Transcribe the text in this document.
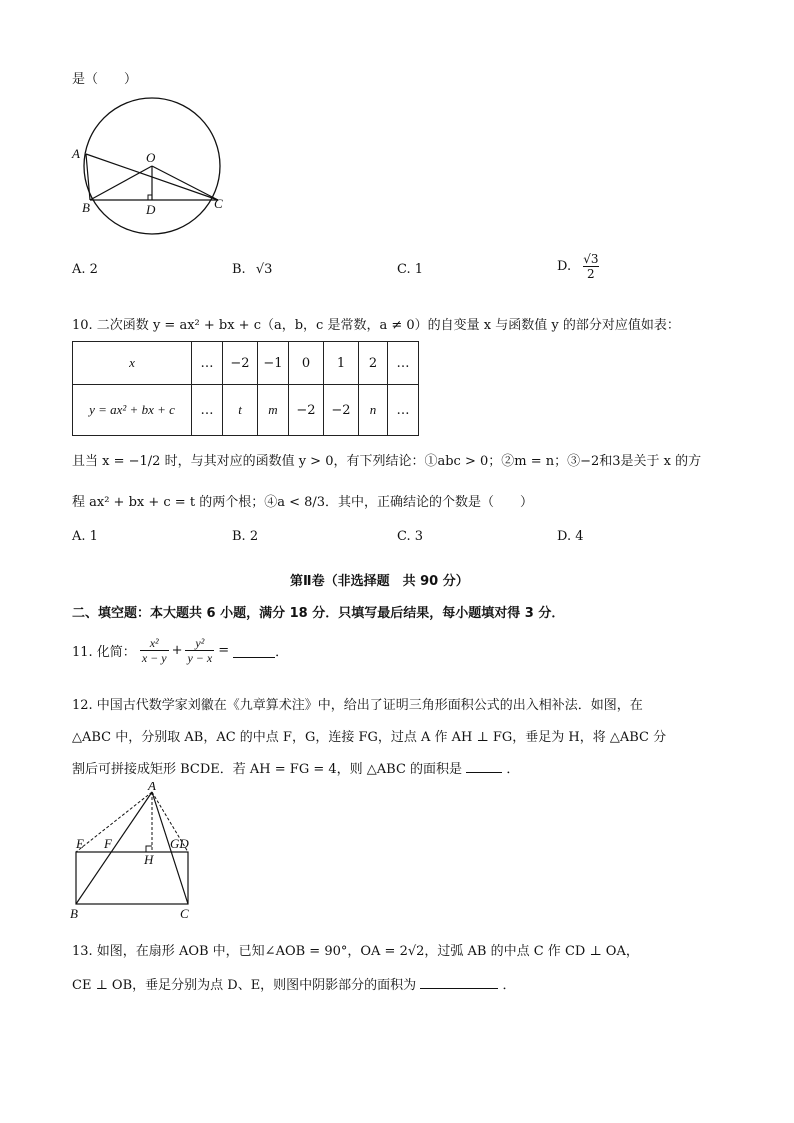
是（　　）
A	O
B	D	C
A. 2	B. √3	C. 1	D. $\frac{√3}{2}$
10. 二次函数 y = ax² + bx + c（a，b，c 是常数，a ≠ 0）的自变量 x 与函数值 y 的部分对应值如表：
x	…	−2	−1	0	1	2	…
y = ax² + bx + c	…	t	m	−2	−2	n	…
且当 x = −1/2 时，与其对应的函数值 y > 0，有下列结论：①abc > 0；②m = n；③−2和3是关于 x 的方
程 ax² + bx + c = t 的两个根；④a < 8/3．其中，正确结论的个数是（　　）
A. 1	B. 2	C. 3	D. 4
第Ⅱ卷（非选择题　共 90 分）
二、填空题：本大题共 6 小题，满分 18 分．只填写最后结果，每小题填对得 3 分．
11. 化简： $\frac{\text{x²}}{x - y} + \frac{\text{y²}}{y - x}$ =	．
12. 中国古代数学家刘徽在《九章算术注》中，给出了证明三角形面积公式的出入相补法．如图，在
△ABC 中，分别取 AB，AC 的中点 F，G，连接 FG，过点 A 作 AH ⊥ FG，垂足为 H，将 △ABC 分
割后可拼接成矩形 BCDE．若 AH = FG = 4，则 △ABC 的面积是	．
A
E F	GD
H
B	C
13. 如图，在扇形 AOB 中，已知∠AOB = 90°，OA = 2√2，过弧 AB 的中点 C 作 CD ⊥ OA，
CE ⊥ OB，垂足分别为点 D、E，则图中阴影部分的面积为	．
